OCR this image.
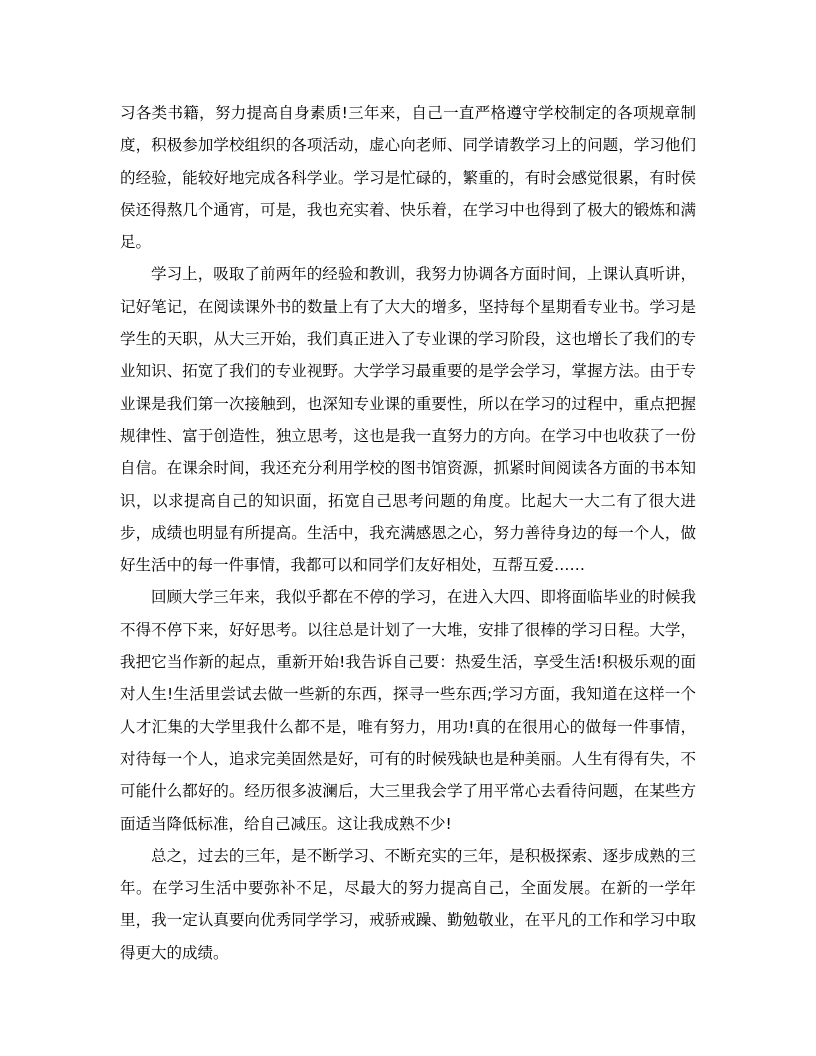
习各类书籍，努力提高自身素质!三年来，自己一直严格遵守学校制定的各项规章制度，积极参加学校组织的各项活动，虚心向老师、同学请教学习上的问题，学习他们的经验，能较好地完成各科学业。学习是忙碌的，繁重的，有时会感觉很累，有时侯侯还得熬几个通宵，可是，我也充实着、快乐着，在学习中也得到了极大的锻炼和满足。

学习上，吸取了前两年的经验和教训，我努力协调各方面时间，上课认真听讲，记好笔记，在阅读课外书的数量上有了大大的增多，坚持每个星期看专业书。学习是学生的天职，从大三开始，我们真正进入了专业课的学习阶段，这也增长了我们的专业知识、拓宽了我们的专业视野。大学学习最重要的是学会学习，掌握方法。由于专业课是我们第一次接触到，也深知专业课的重要性，所以在学习的过程中，重点把握规律性、富于创造性，独立思考，这也是我一直努力的方向。在学习中也收获了一份自信。在课余时间，我还充分利用学校的图书馆资源，抓紧时间阅读各方面的书本知识，以求提高自己的知识面，拓宽自己思考问题的角度。比起大一大二有了很大进步，成绩也明显有所提高。生活中，我充满感恩之心，努力善待身边的每一个人，做好生活中的每一件事情，我都可以和同学们友好相处，互帮互爱……

回顾大学三年来，我似乎都在不停的学习，在进入大四、即将面临毕业的时候我不得不停下来，好好思考。以往总是计划了一大堆，安排了很棒的学习日程。大学，我把它当作新的起点，重新开始!我告诉自己要：热爱生活，享受生活!积极乐观的面对人生!生活里尝试去做一些新的东西，探寻一些东西;学习方面，我知道在这样一个人才汇集的大学里我什么都不是，唯有努力，用功!真的在很用心的做每一件事情，对待每一个人，追求完美固然是好，可有的时候残缺也是种美丽。人生有得有失，不可能什么都好的。经历很多波澜后，大三里我会学了用平常心去看待问题，在某些方面适当降低标准，给自己减压。这让我成熟不少!

总之，过去的三年，是不断学习、不断充实的三年，是积极探索、逐步成熟的三年。在学习生活中要弥补不足，尽最大的努力提高自己，全面发展。在新的一学年里，我一定认真要向优秀同学学习，戒骄戒躁、勤勉敬业，在平凡的工作和学习中取得更大的成绩。
